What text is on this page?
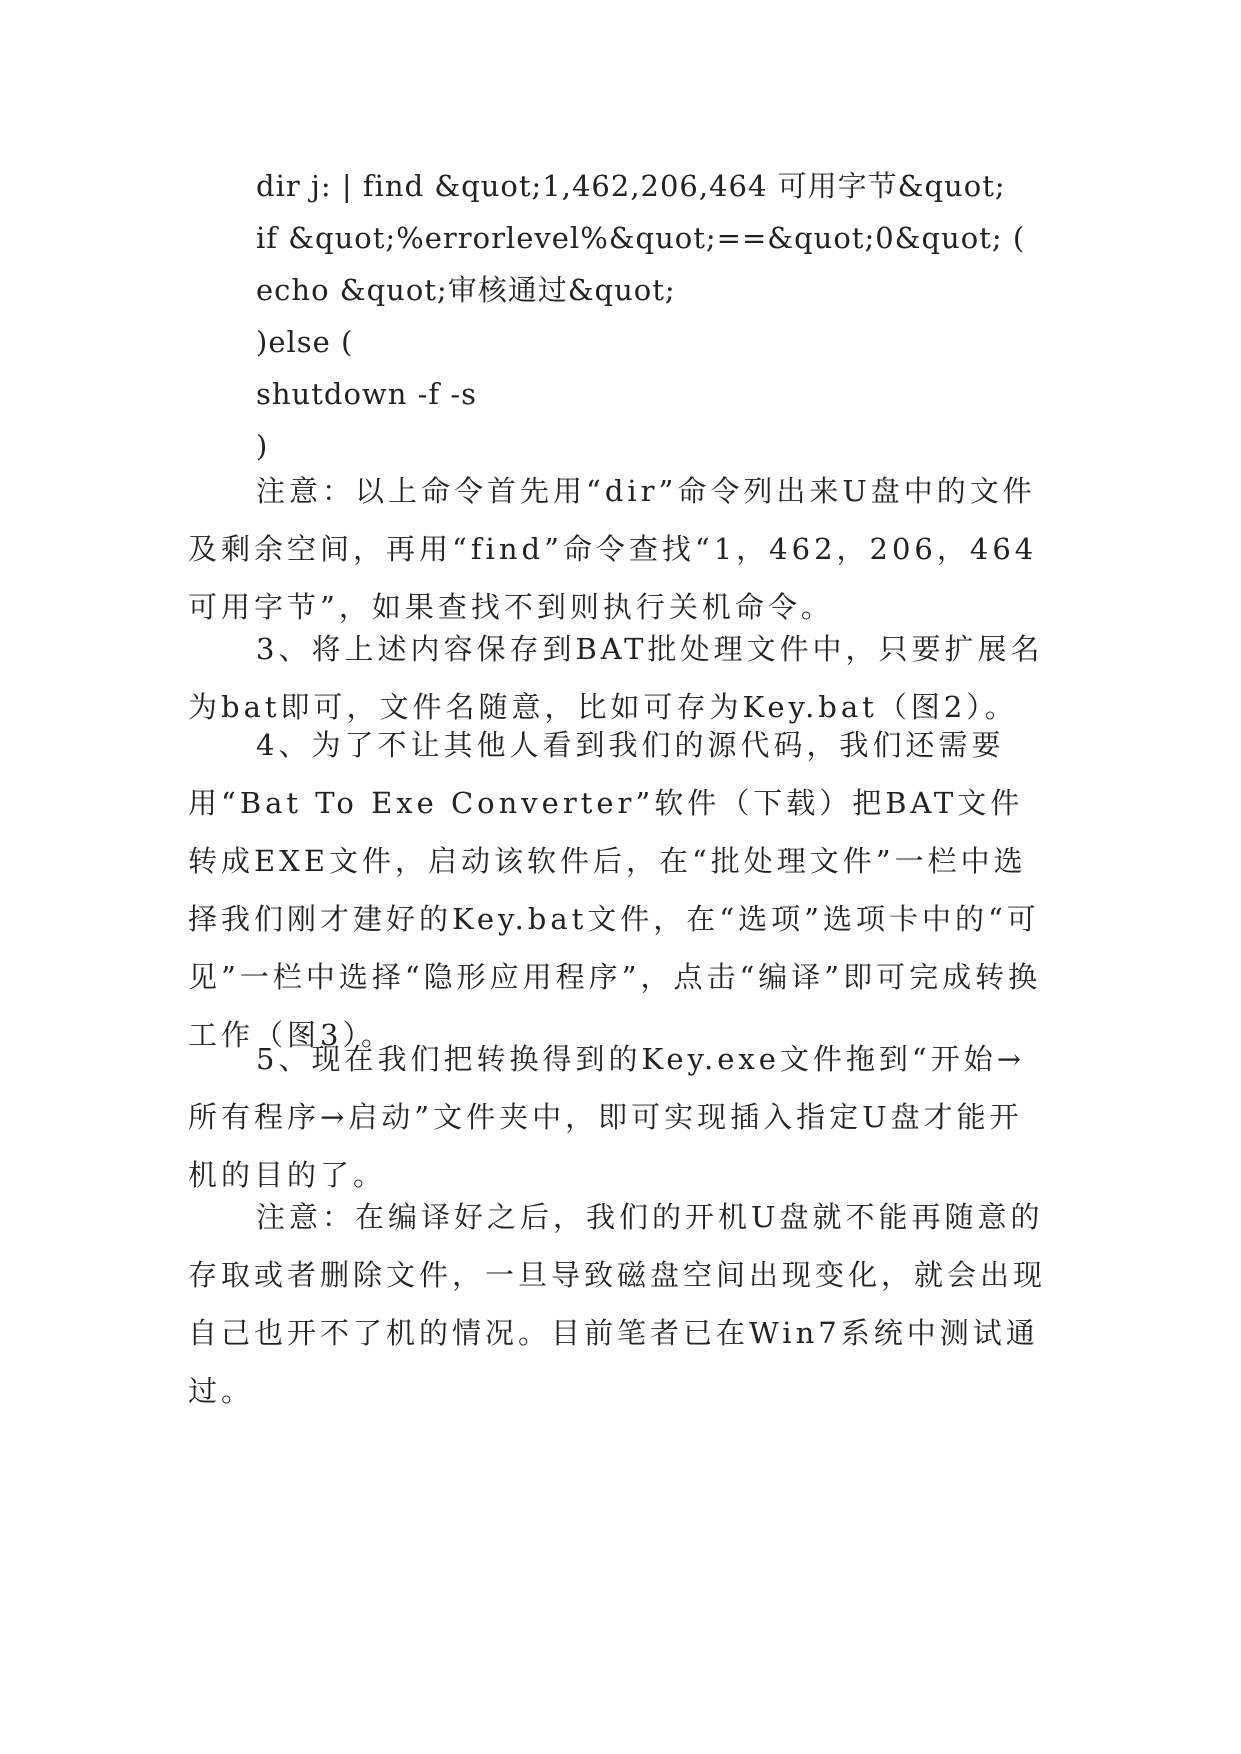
dir j: | find &quot;1,462,206,464 可用字节&quot;
if &quot;%errorlevel%&quot;==&quot;0&quot; (
echo &quot;审核通过&quot;
)else (
shutdown -f -s
)

注意：以上命令首先用“dir”命令列出来U盘中的文件及剩余空间，再用“find”命令查找“1，462，206，464可用字节”，如果查找不到则执行关机命令。

3、将上述内容保存到BAT批处理文件中，只要扩展名为bat即可，文件名随意，比如可存为Key.bat（图2）。

4、为了不让其他人看到我们的源代码，我们还需要用“Bat To Exe Converter”软件（下载）把BAT文件转成EXE文件，启动该软件后，在“批处理文件”一栏中选择我们刚才建好的Key.bat文件，在“选项”选项卡中的“可见”一栏中选择“隐形应用程序”，点击“编译”即可完成转换工作（图3）。

5、现在我们把转换得到的Key.exe文件拖到“开始→所有程序→启动”文件夹中，即可实现插入指定U盘才能开机的目的了。

注意：在编译好之后，我们的开机U盘就不能再随意的存取或者删除文件，一旦导致磁盘空间出现变化，就会出现自己也开不了机的情况。目前笔者已在Win7系统中测试通过。
